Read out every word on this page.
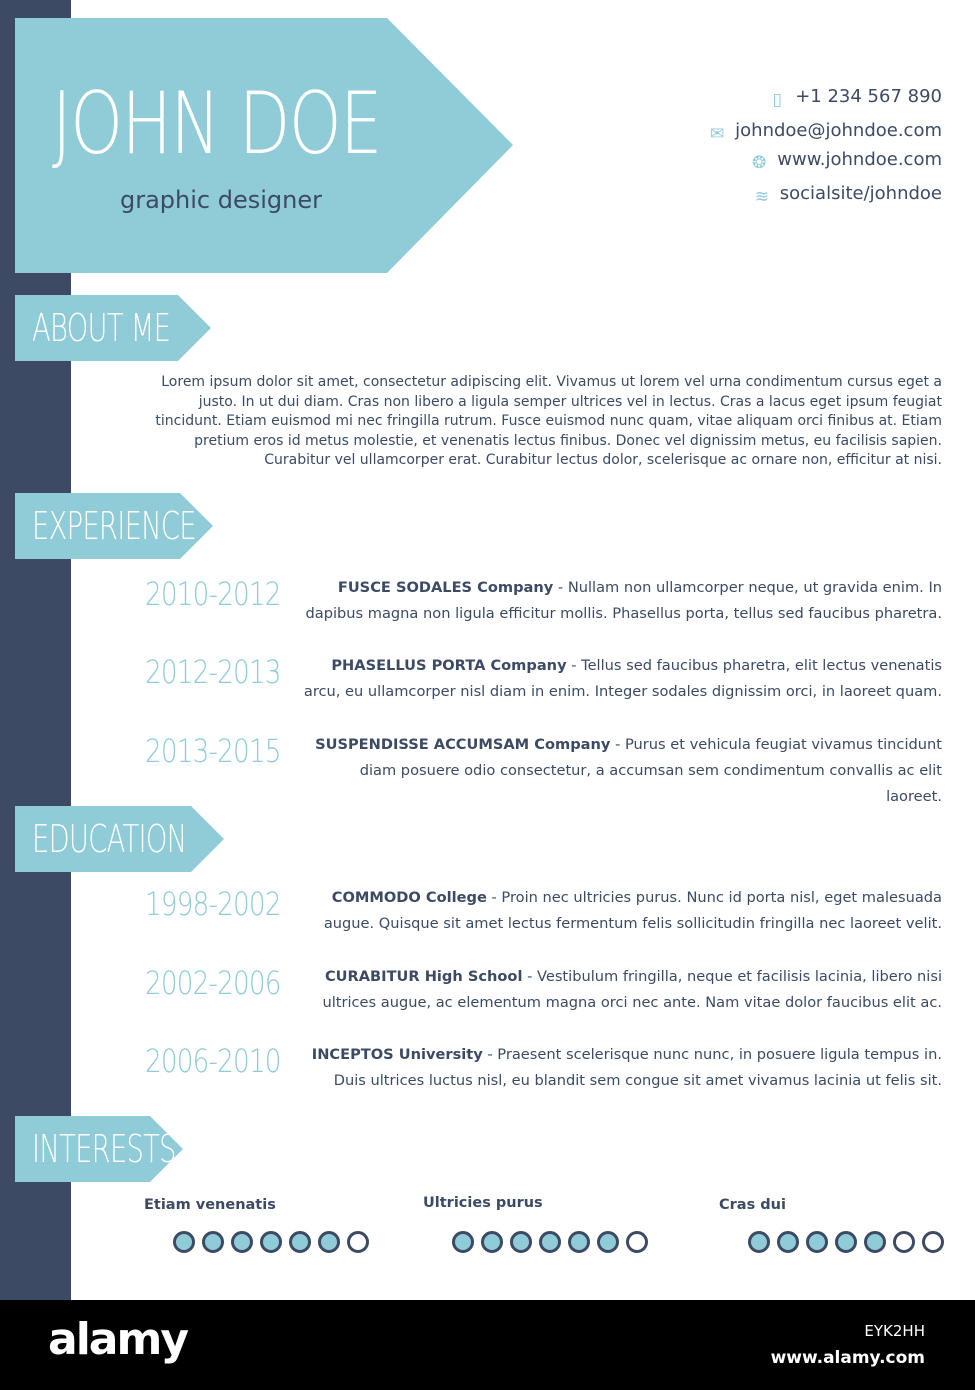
JOHN DOE
graphic designer
▯ +1 234 567 890
✉ johndoe@johndoe.com
❂ www.johndoe.com
≋ socialsite/johndoe
ABOUT ME
Lorem ipsum dolor sit amet, consectetur adipiscing elit. Vivamus ut lorem vel urna condimentum cursus eget a justo. In ut dui diam. Cras non libero a ligula semper ultrices vel in lectus. Cras a lacus eget ipsum feugiat tincidunt. Etiam euismod mi nec fringilla rutrum. Fusce euismod nunc quam, vitae aliquam orci finibus at. Etiam pretium eros id metus molestie, et venenatis lectus finibus. Donec vel dignissim metus, eu facilisis sapien. Curabitur vel ullamcorper erat. Curabitur lectus dolor, scelerisque ac ornare non, efficitur at nisi.
EXPERIENCE
2010-2012	FUSCE SODALES Company - Nullam non ullamcorper neque, ut gravida enim. In dapibus magna non ligula efficitur mollis. Phasellus porta, tellus sed faucibus pharetra.
2012-2013	PHASELLUS PORTA Company - Tellus sed faucibus pharetra, elit lectus venenatis arcu, eu ullamcorper nisl diam in enim. Integer sodales dignissim orci, in laoreet quam.
2013-2015	SUSPENDISSE ACCUMSAM Company - Purus et vehicula feugiat vivamus tincidunt diam posuere odio consectetur, a accumsan sem condimentum convallis ac elit laoreet.
EDUCATION
1998-2002	COMMODO College - Proin nec ultricies purus. Nunc id porta nisl, eget malesuada augue. Quisque sit amet lectus fermentum felis sollicitudin fringilla nec laoreet velit.
2002-2006	CURABITUR High School - Vestibulum fringilla, neque et facilisis lacinia, libero nisi ultrices augue, ac elementum magna orci nec ante. Nam vitae dolor faucibus elit ac.
2006-2010	INCEPTOS University - Praesent scelerisque nunc nunc, in posuere ligula tempus in. Duis ultrices luctus nisl, eu blandit sem congue sit amet vivamus lacinia ut felis sit.
INTERESTS
Etiam venenatis	Ultricies purus	Cras dui
alamy	EYK2HH
www.alamy.com
